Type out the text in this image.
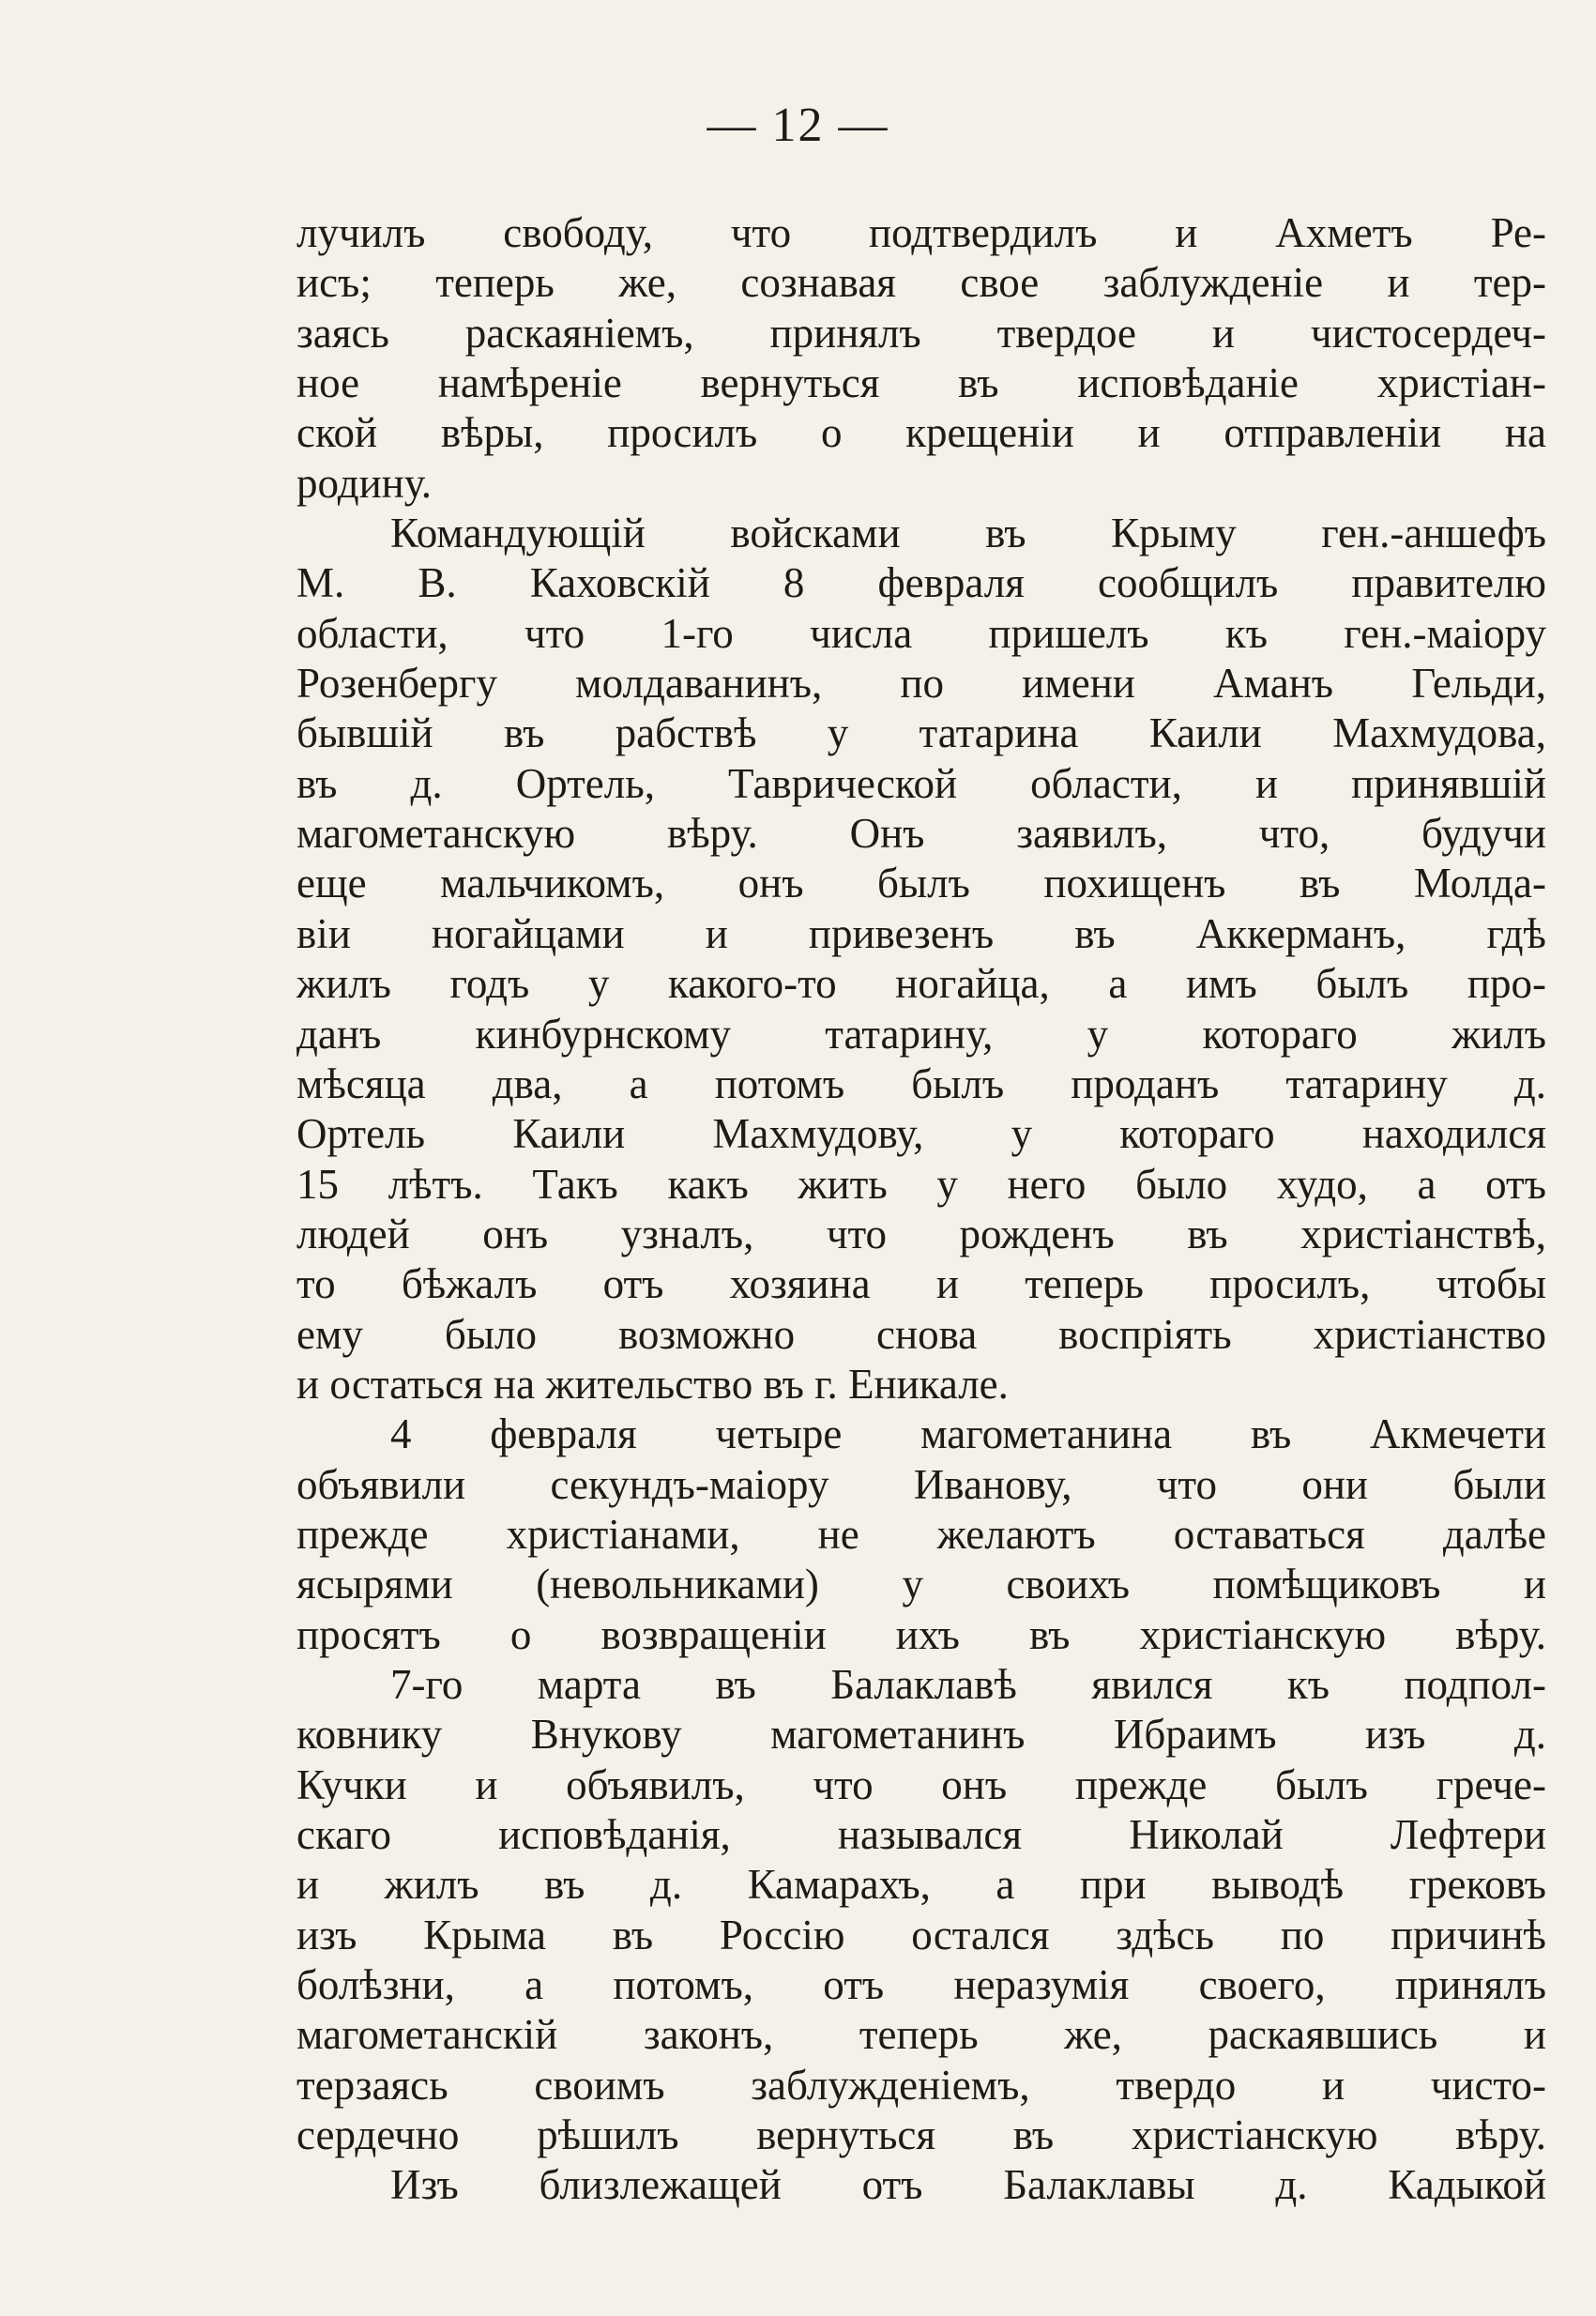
— 12 —
лучилъ свободу, что подтвердилъ и Ахметъ Ре-
исъ; теперь же, сознавая свое заблужденіе и тер-
заясь раскаяніемъ, принялъ твердое и чистосердеч-
ное намѣреніе вернуться въ исповѣданіе христіан-
ской вѣры, просилъ о крещеніи и отправленіи на
родину.
Командующій войсками въ Крыму ген.-аншефъ
М. В. Каховскій 8 февраля сообщилъ правителю
области, что 1-го числа пришелъ къ ген.-маіору
Розенбергу молдаванинъ, по имени Аманъ Гельди,
бывшій въ рабствѣ у татарина Каили Махмудова,
въ д. Ортель, Таврической области, и принявшій
магометанскую вѣру. Онъ заявилъ, что, будучи
еще мальчикомъ, онъ былъ похищенъ въ Молда-
віи ногайцами и привезенъ въ Аккерманъ, гдѣ
жилъ годъ у какого-то ногайца, а имъ былъ про-
данъ кинбурнскому татарину, у котораго жилъ
мѣсяца два, а потомъ былъ проданъ татарину д.
Ортель Каили Махмудову, у котораго находился
15 лѣтъ. Такъ какъ жить у него было худо, а отъ
людей онъ узналъ, что рожденъ въ христіанствѣ,
то бѣжалъ отъ хозяина и теперь просилъ, чтобы
ему было возможно снова воспріять христіанство
и остаться на жительство въ г. Еникале.
4 февраля четыре магометанина въ Акмечети
объявили секундъ-маіору Иванову, что они были
прежде христіанами, не желаютъ оставаться далѣе
ясырями (невольниками) у своихъ помѣщиковъ и
просятъ о возвращеніи ихъ въ христіанскую вѣру.
7-го марта въ Балаклавѣ явился къ подпол-
ковнику Внукову магометанинъ Ибраимъ изъ д.
Кучки и объявилъ, что онъ прежде былъ грече-
скаго исповѣданія, назывался Николай Лефтери
и жилъ въ д. Камарахъ, а при выводѣ грековъ
изъ Крыма въ Россію остался здѣсь по причинѣ
болѣзни, а потомъ, отъ неразумія своего, принялъ
магометанскій законъ, теперь же, раскаявшись и
терзаясь своимъ заблужденіемъ, твердо и чисто-
сердечно рѣшилъ вернуться въ христіанскую вѣру.
Изъ близлежащей отъ Балаклавы д. Кадыкой
